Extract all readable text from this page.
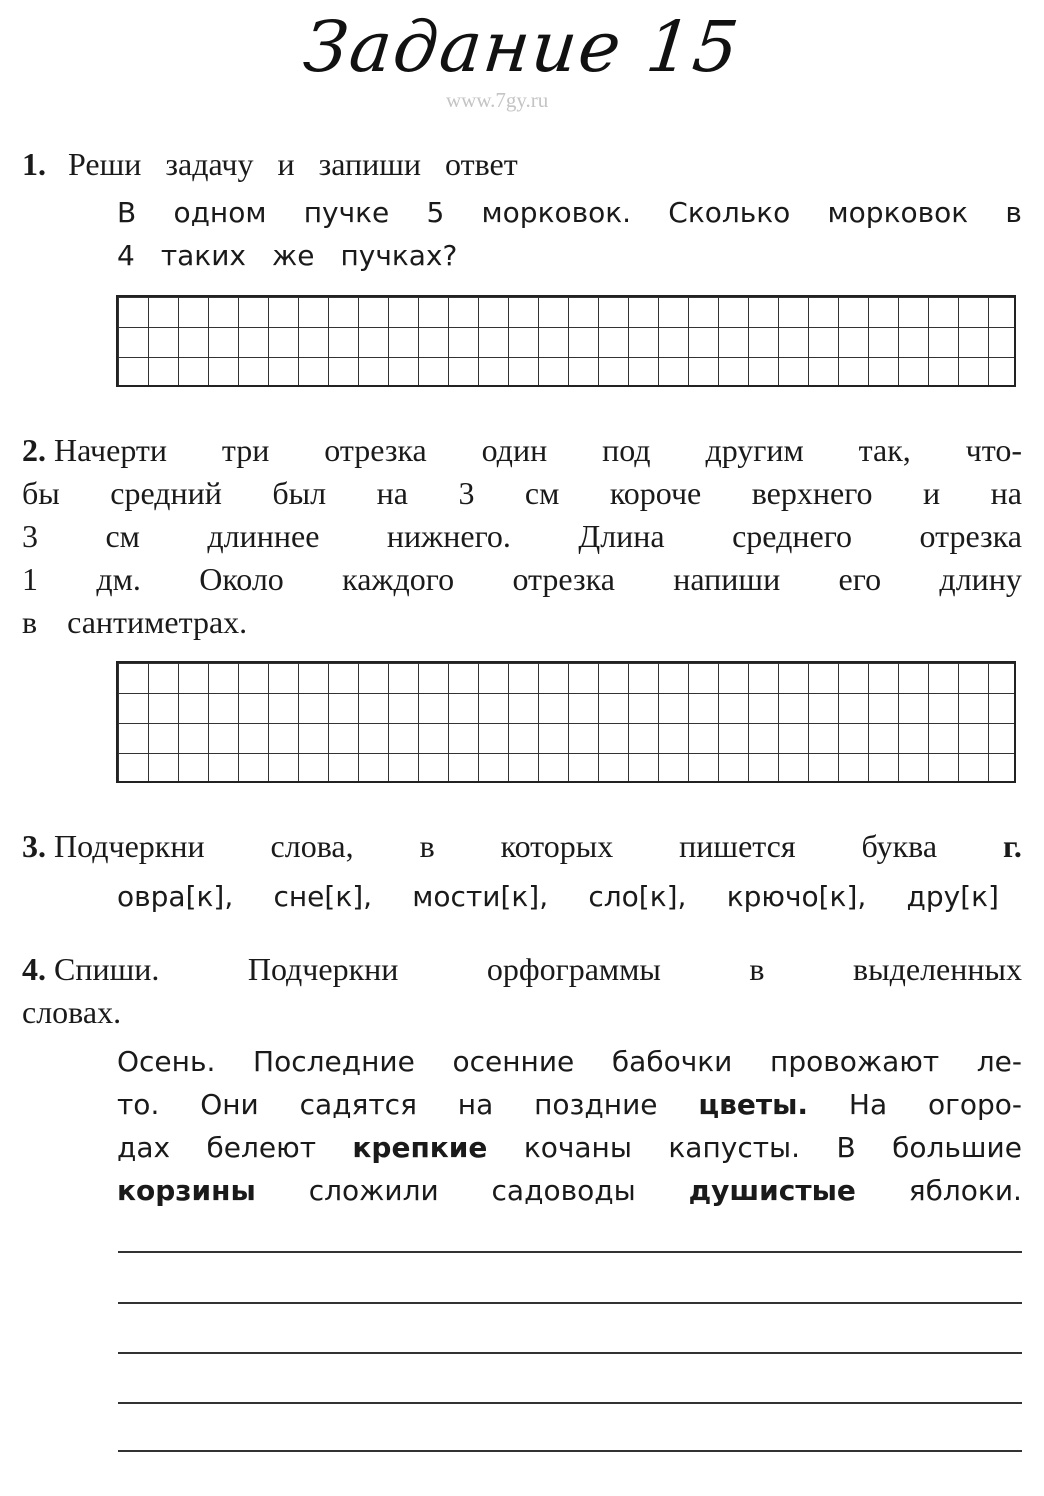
Задание 15
www.7gy.ru
1. Реши задачу и запиши ответ
В одном пучке 5 морковок. Сколько морковок в
4 таких же пучках?
2. Начерти три отрезка один под другим так, что-
бы средний был на 3 см короче верхнего и на
3 см длиннее нижнего. Длина среднего отрезка
1 дм. Около каждого отрезка напиши его длину
в сантиметрах.
3. Подчеркни слова, в которых пишется буква г.
овра[к], сне[к], мости[к], сло[к], крючо[к], дру[к]
4. Спиши.	Подчеркни	орфограммы	в	выделенных
словах.
Осень. Последние осенние бабочки провожают ле-
то. Они садятся на поздние цветы. На огоро-
дах белеют крепкие кочаны капусты. В большие
корзины сложили садоводы душистые яблоки.
